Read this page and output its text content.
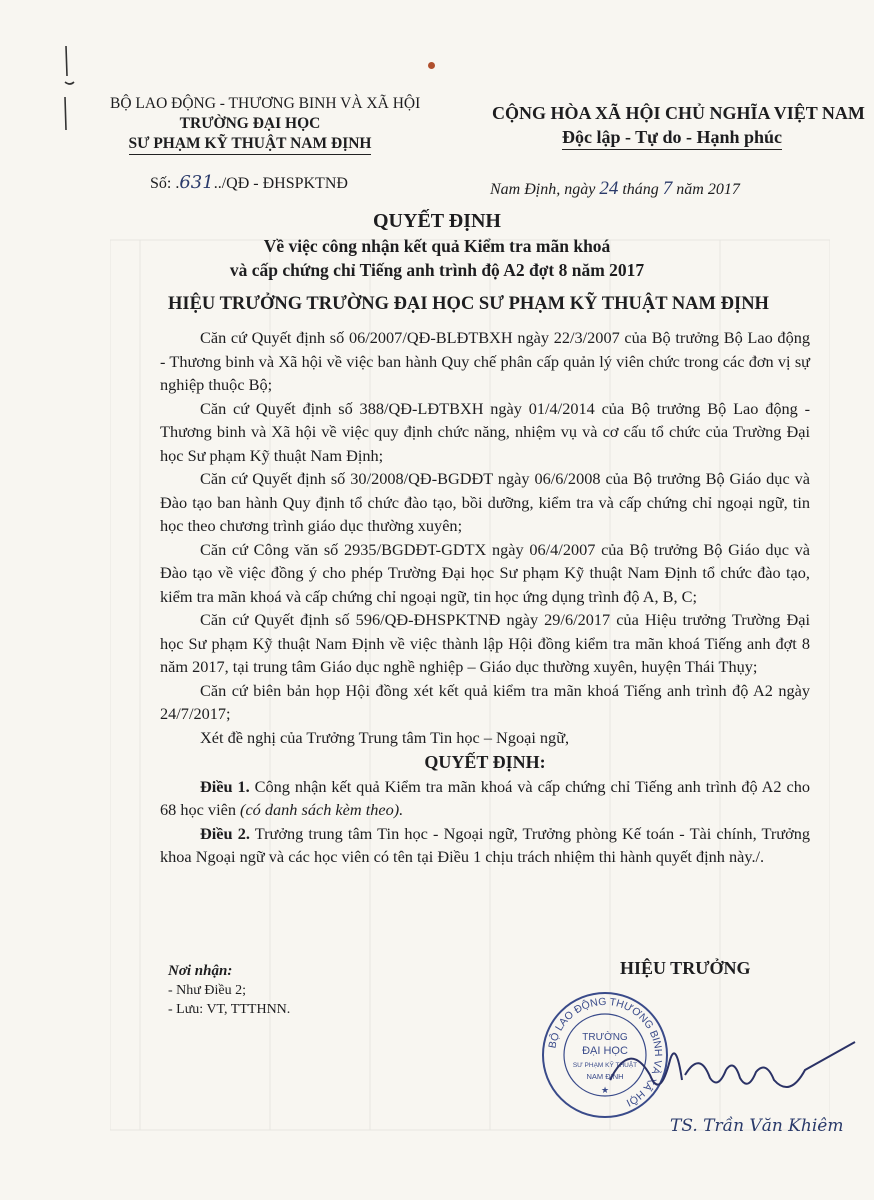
BỘ LAO ĐỘNG - THƯƠNG BINH VÀ XÃ HỘI
TRƯỜNG ĐẠI HỌC
SƯ PHẠM KỸ THUẬT NAM ĐỊNH
CỘNG HÒA XÃ HỘI CHỦ NGHĨA VIỆT NAM
Độc lập - Tự do - Hạnh phúc
Số: .631../QĐ - ĐHSPKTNĐ	Nam Định, ngày 24 tháng 7 năm 2017
QUYẾT ĐỊNH
Về việc công nhận kết quả Kiểm tra mãn khoá
và cấp chứng chỉ Tiếng anh trình độ A2 đợt 8 năm 2017
HIỆU TRƯỞNG TRƯỜNG ĐẠI HỌC SƯ PHẠM KỸ THUẬT NAM ĐỊNH

Căn cứ Quyết định số 06/2007/QĐ-BLĐTBXH ngày 22/3/2007 của Bộ trưởng Bộ Lao động - Thương binh và Xã hội về việc ban hành Quy chế phân cấp quản lý viên chức trong các đơn vị sự nghiệp thuộc Bộ;

Căn cứ Quyết định số 388/QĐ-LĐTBXH ngày 01/4/2014 của Bộ trưởng Bộ Lao động - Thương binh và Xã hội về việc quy định chức năng, nhiệm vụ và cơ cấu tổ chức của Trường Đại học Sư phạm Kỹ thuật Nam Định;

Căn cứ Quyết định số 30/2008/QĐ-BGDĐT ngày 06/6/2008 của Bộ trưởng Bộ Giáo dục và Đào tạo ban hành Quy định tổ chức đào tạo, bồi dưỡng, kiểm tra và cấp chứng chỉ ngoại ngữ, tin học theo chương trình giáo dục thường xuyên;

Căn cứ Công văn số 2935/BGDĐT-GDTX ngày 06/4/2007 của Bộ trưởng Bộ Giáo dục và Đào tạo về việc đồng ý cho phép Trường Đại học Sư phạm Kỹ thuật Nam Định tổ chức đào tạo, kiểm tra mãn khoá và cấp chứng chỉ ngoại ngữ, tin học ứng dụng trình độ A, B, C;

Căn cứ Quyết định số 596/QĐ-ĐHSPKTNĐ ngày 29/6/2017 của Hiệu trưởng Trường Đại học Sư phạm Kỹ thuật Nam Định về việc thành lập Hội đồng kiểm tra mãn khoá Tiếng anh đợt 8 năm 2017, tại trung tâm Giáo dục nghề nghiệp – Giáo dục thường xuyên, huyện Thái Thụy;

Căn cứ biên bản họp Hội đồng xét kết quả kiểm tra mãn khoá Tiếng anh trình độ A2 ngày 24/7/2017;

Xét đề nghị của Trưởng Trung tâm Tin học – Ngoại ngữ,

QUYẾT ĐỊNH:

Điều 1. Công nhận kết quả Kiểm tra mãn khoá và cấp chứng chỉ Tiếng anh trình độ A2 cho 68 học viên (có danh sách kèm theo).

Điều 2. Trưởng trung tâm Tin học - Ngoại ngữ, Trưởng phòng Kế toán - Tài chính, Trưởng khoa Ngoại ngữ và các học viên có tên tại Điều 1 chịu trách nhiệm thi hành quyết định này./.

Nơi nhận:
- Như Điều 2;
- Lưu: VT, TTTHNN.
HIỆU TRƯỞNG
BỘ LAO ĐỘNG THƯƠNG BINH VÀ XÃ HỘI
TRƯỜNG
ĐẠI HỌC
SƯ PHẠM KỸ THUẬT
NAM ĐỊNH
★
TS. Trần Văn Khiêm
